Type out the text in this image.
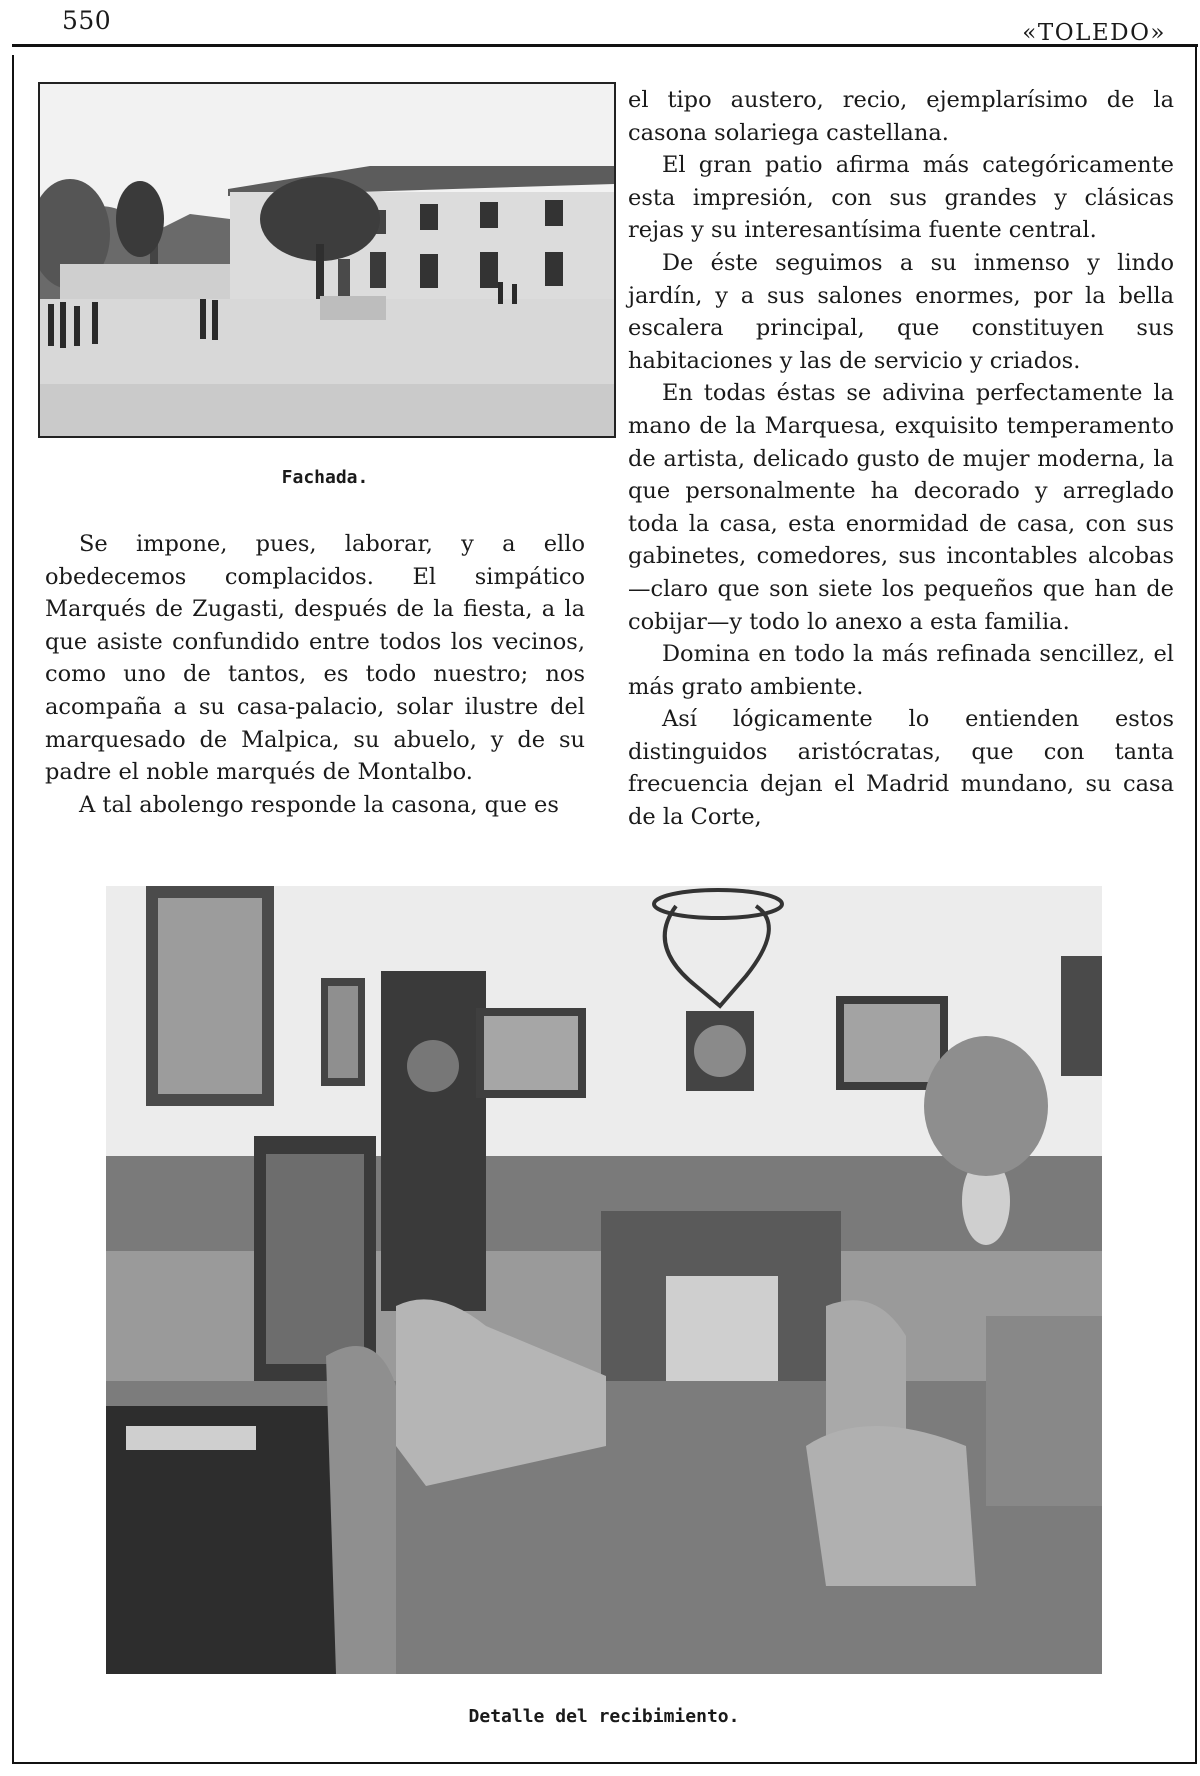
550	«TOLEDO»
Fachada.

Se impone, pues, laborar, y a ello obedecemos complacidos. El simpático Marqués de Zugasti, después de la fiesta, a la que asiste confundido entre todos los vecinos, como uno de tantos, es todo nuestro; nos acompaña a su casa-palacio, solar ilustre del marquesado de Malpica, su abuelo, y de su padre el noble marqués de Montalbo.

A tal abolengo responde la casona, que es

el tipo austero, recio, ejemplarísimo de la casona solariega castellana.

El gran patio afirma más categóricamente esta impresión, con sus grandes y clásicas rejas y su interesantísima fuente central.

De éste seguimos a su inmenso y lindo jardín, y a sus salones enormes, por la bella escalera principal, que constituyen sus habitaciones y las de servicio y criados.

En todas éstas se adivina perfectamente la mano de la Marquesa, exquisito temperamento de artista, delicado gusto de mujer moderna, la que personalmente ha decorado y arreglado toda la casa, esta enormidad de casa, con sus gabinetes, comedores, sus incontables alcobas—claro que son siete los pequeños que han de cobijar—y todo lo anexo a esta familia.

Domina en todo la más refinada sencillez, el más grato ambiente.

Así lógicamente lo entienden estos distinguidos aristócratas, que con tanta frecuencia dejan el Madrid mundano, su casa de la Corte,

Detalle del recibimiento.
